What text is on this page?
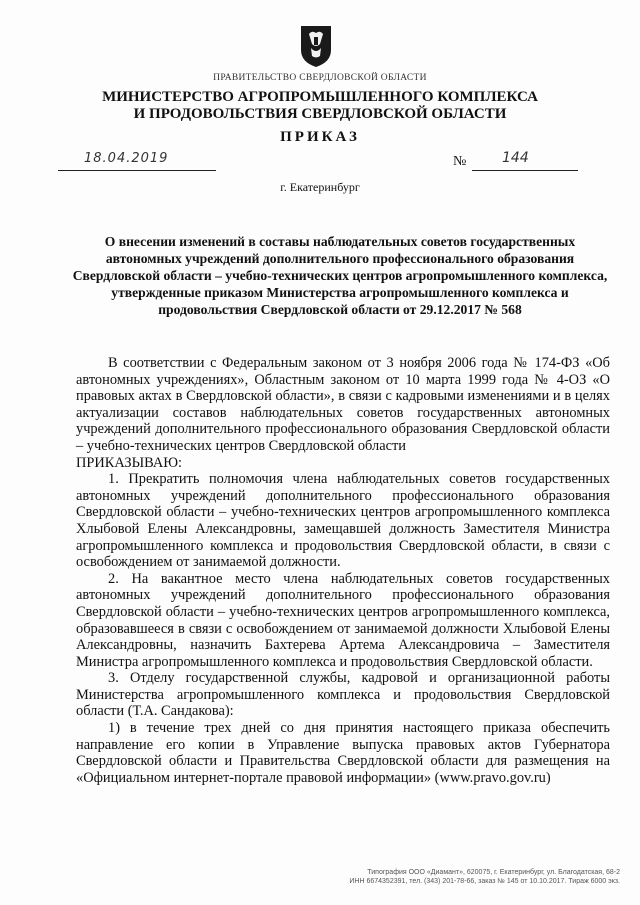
ПРАВИТЕЛЬСТВО СВЕРДЛОВСКОЙ ОБЛАСТИ
МИНИСТЕРСТВО АГРОПРОМЫШЛЕННОГО КОМПЛЕКСА
И ПРОДОВОЛЬСТВИЯ СВЕРДЛОВСКОЙ ОБЛАСТИ
ПРИКАЗ
18.04.2019	№	144
г. Екатеринбург
О внесении изменений в составы наблюдательных советов государственных автономных учреждений дополнительного профессионального образования Свердловской области – учебно-технических центров агропромышленного комплекса, утвержденные приказом Министерства агропромышленного комплекса и продовольствия Свердловской области от 29.12.2017 № 568

В соответствии с Федеральным законом от 3 ноября 2006 года № 174-ФЗ «Об автономных учреждениях», Областным законом от 10 марта 1999 года № 4-ОЗ «О правовых актах в Свердловской области», в связи с кадровыми изменениями и в целях актуализации составов наблюдательных советов государственных автономных учреждений дополнительного профессионального образования Свердловской области – учебно-технических центров Свердловской области

ПРИКАЗЫВАЮ:

1. Прекратить полномочия члена наблюдательных советов государственных автономных учреждений дополнительного профессионального образования Свердловской области – учебно-технических центров агропромышленного комплекса Хлыбовой Елены Александровны, замещавшей должность Заместителя Министра агропромышленного комплекса и продовольствия Свердловской области, в связи с освобождением от занимаемой должности.

2. На вакантное место члена наблюдательных советов государственных автономных учреждений дополнительного профессионального образования Свердловской области – учебно-технических центров агропромышленного комплекса, образовавшееся в связи с освобождением от занимаемой должности Хлыбовой Елены Александровны, назначить Бахтерева Артема Александровича – Заместителя Министра агропромышленного комплекса и продовольствия Свердловской области.

3. Отделу государственной службы, кадровой и организационной работы Министерства агропромышленного комплекса и продовольствия Свердловской области (Т.А. Сандакова):

1) в течение трех дней со дня принятия настоящего приказа обеспечить направление его копии в Управление выпуска правовых актов Губернатора Свердловской области и Правительства Свердловской области для размещения на «Официальном интернет-портале правовой информации» (www.pravo.gov.ru)

Типография ООО «Диамант», 620075, г. Екатеринбург, ул. Благодатская, 68-2
ИНН 6674352391, тел. (343) 201-78-66, заказ № 145 от 10.10.2017. Тираж 6000 экз.
